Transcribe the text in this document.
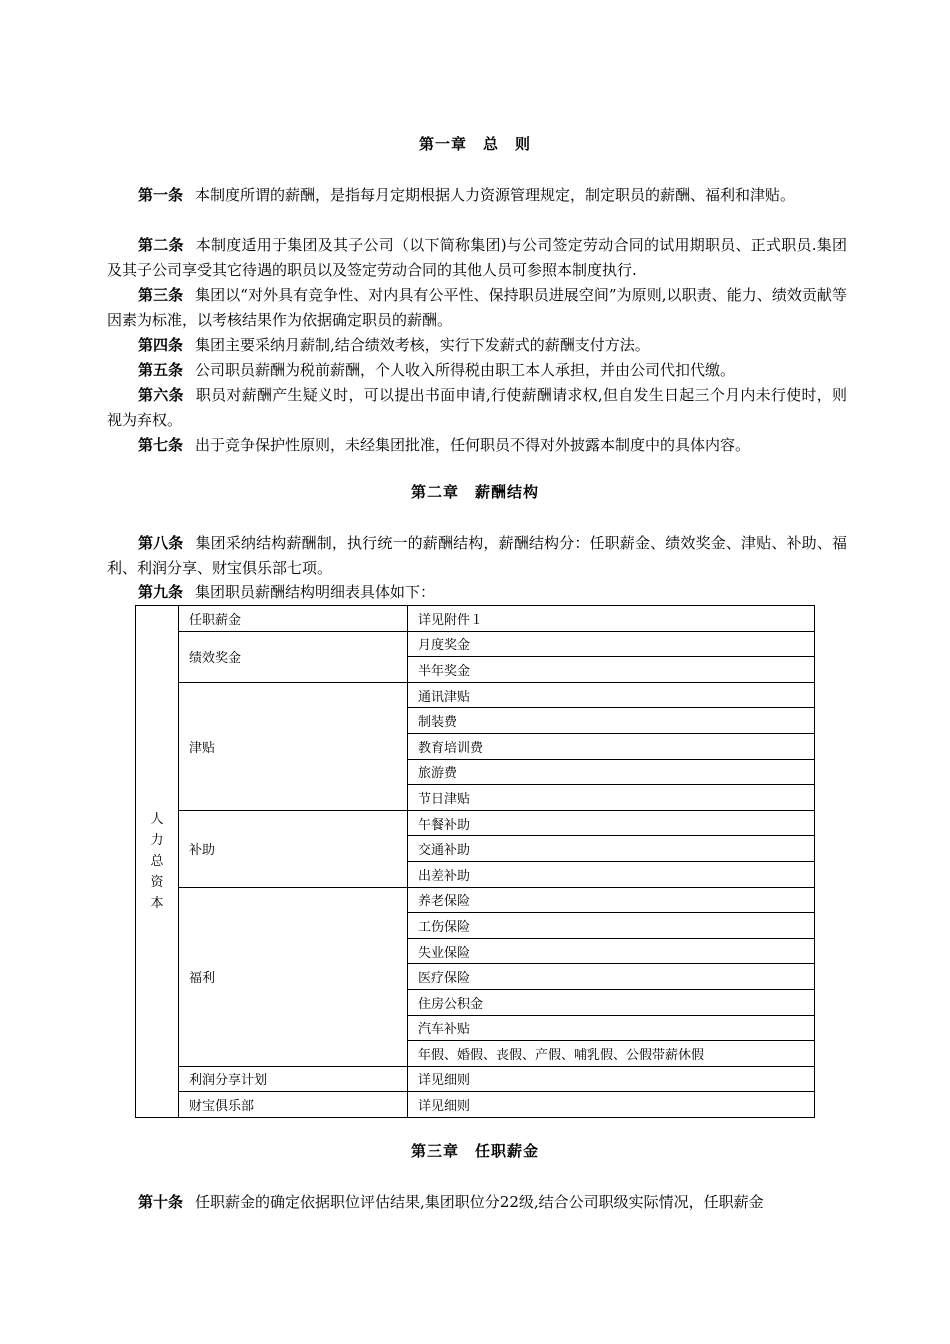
第一章　总　则

第一条 本制度所谓的薪酬，是指每月定期根据人力资源管理规定，制定职员的薪酬、福利和津贴。

第二条 本制度适用于集团及其子公司（以下简称集团)与公司签定劳动合同的试用期职员、正式职员.集团及其子公司享受其它待遇的职员以及签定劳动合同的其他人员可参照本制度执行.

第三条 集团以“对外具有竞争性、对内具有公平性、保持职员进展空间”为原则,以职责、能力、绩效贡献等因素为标准，以考核结果作为依据确定职员的薪酬。

第四条 集团主要采纳月薪制,结合绩效考核，实行下发薪式的薪酬支付方法。

第五条 公司职员薪酬为税前薪酬，个人收入所得税由职工本人承担，并由公司代扣代缴。

第六条 职员对薪酬产生疑义时，可以提出书面申请,行使薪酬请求权,但自发生日起三个月内未行使时，则视为弃权。

第七条 出于竞争保护性原则，未经集团批准，任何职员不得对外披露本制度中的具体内容。

第二章　薪酬结构

第八条 集团采纳结构薪酬制，执行统一的薪酬结构，薪酬结构分：任职薪金、绩效奖金、津贴、补助、福利、利润分享、财宝俱乐部七项。

第九条 集团职员薪酬结构明细表具体如下：

人
力
总
资
本	任职薪金	详见附件１
	绩效奖金	月度奖金
		半年奖金
	津贴	通讯津贴
		制装费
		教育培训费
		旅游费
		节日津贴
	补助	午餐补助
		交通补助
		出差补助
	福利	养老保险
		工伤保险
		失业保险
		医疗保险
		住房公积金
		汽车补贴
		年假、婚假、丧假、产假、哺乳假、公假带薪休假
	利润分享计划	详见细则
	财宝俱乐部	详见细则
第三章　任职薪金

第十条 任职薪金的确定依据职位评估结果,集团职位分22级,结合公司职级实际情况，任职薪金
